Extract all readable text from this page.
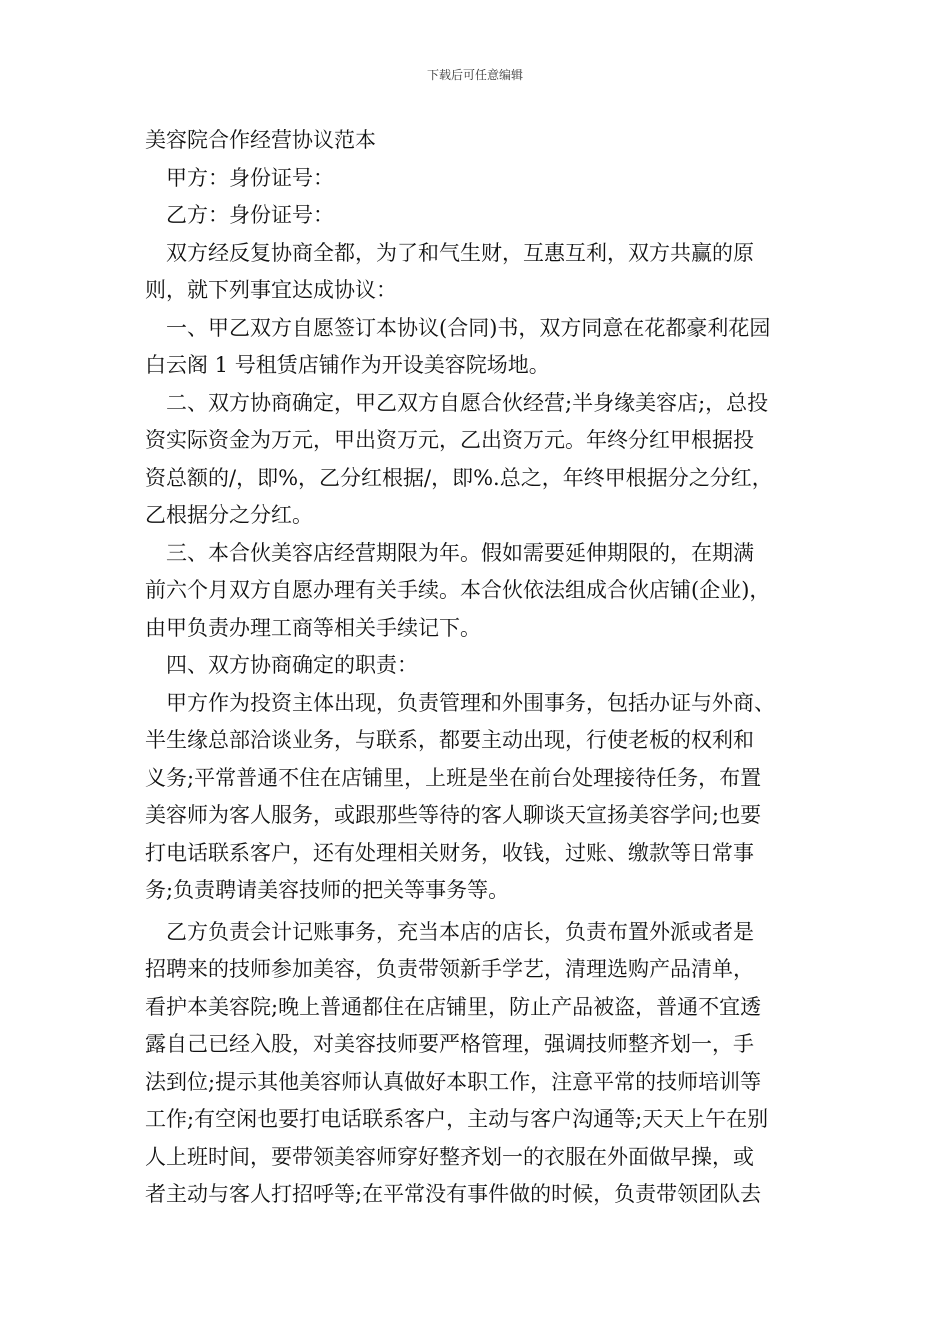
下载后可任意编辑
美容院合作经营协议范本
　甲方：身份证号：
　乙方：身份证号：
　双方经反复协商全都，为了和气生财，互惠互利，双方共赢的原
则，就下列事宜达成协议：
　一、甲乙双方自愿签订本协议(合同)书，双方同意在花都豪利花园
白云阁 1 号租赁店铺作为开设美容院场地。
　二、双方协商确定，甲乙双方自愿合伙经营;半身缘美容店;，总投
资实际资金为万元，甲出资万元，乙出资万元。年终分红甲根据投
资总额的/，即%，乙分红根据/，即%.总之，年终甲根据分之分红，
乙根据分之分红。
　三、本合伙美容店经营期限为年。假如需要延伸期限的，在期满
前六个月双方自愿办理有关手续。本合伙依法组成合伙店铺(企业)，
由甲负责办理工商等相关手续记下。
　四、双方协商确定的职责：
　甲方作为投资主体出现，负责管理和外围事务，包括办证与外商、
半生缘总部洽谈业务，与联系，都要主动出现，行使老板的权利和
义务;平常普通不住在店铺里，上班是坐在前台处理接待任务，布置
美容师为客人服务，或跟那些等待的客人聊谈天宣扬美容学问;也要
打电话联系客户，还有处理相关财务，收钱，过账、缴款等日常事
务;负责聘请美容技师的把关等事务等。
　乙方负责会计记账事务，充当本店的店长，负责布置外派或者是
招聘来的技师参加美容，负责带领新手学艺，清理选购产品清单，
看护本美容院;晚上普通都住在店铺里，防止产品被盗，普通不宜透
露自己已经入股，对美容技师要严格管理，强调技师整齐划一，手
法到位;提示其他美容师认真做好本职工作，注意平常的技师培训等
工作;有空闲也要打电话联系客户，主动与客户沟通等;天天上午在别
人上班时间，要带领美容师穿好整齐划一的衣服在外面做早操，或
者主动与客人打招呼等;在平常没有事件做的时候，负责带领团队去
